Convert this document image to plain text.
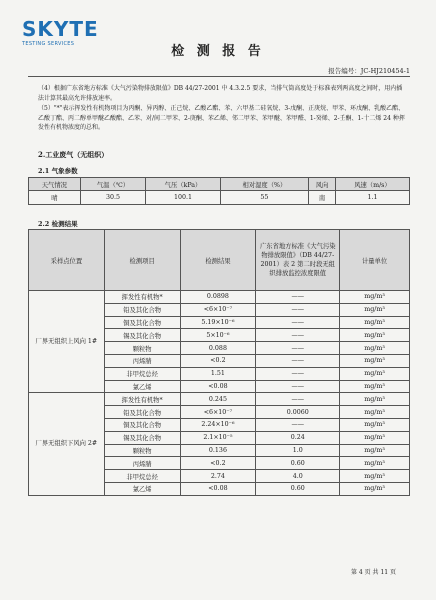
SKYTE
TESTING SERVICES	检 测 报 告
报告编号：JC-HJ210454-1

（4）根据广东省地方标准《大气污染物排放限值》DB 44/27-2001 中 4.3.2.5 要求，当排气筒高度处于标准表列两高度之间时，用内插法计算其最高允许排放速率。

（5）"*"表示挥发性有机物项目为丙酮、异丙醇、正己烷、乙酸乙酯、苯、六甲基二硅氧烷、3-戊酮、正庚烷、甲苯、环戊酮、乳酸乙酯、乙酸丁酯、丙二醇单甲醚乙酸酯、乙苯、对/间二甲苯、2-庚酮、苯乙烯、邻二甲苯、苯甲醚、苯甲醛、1-癸烯、2-壬酮、1-十二烯 24 种挥发性有机物浓度的总和。

2.工业废气（无组织）
2.1 气象参数
天气情况	气温（℃）	气压（kPa）	相对湿度（%）	风向	风速（m/s）
晴	30.5	100.1	55	南	1.1
2.2 检测结果
采样点位置	检测项目	检测结果	广东省地方标准《大气污染物排放限值》（DB 44/27-2001）表 2 第二时段无组织排放监控浓度限值	计量单位
厂界无组织上风向 1#	挥发性有机物*	0.0898	——	mg/m³
	铅及其化合物	<6×10⁻⁷	——	mg/m³
	铜及其化合物	5.19×10⁻⁶	——	mg/m³
	锡及其化合物	5×10⁻⁶	——	mg/m³
	颗粒物	0.088	——	mg/m³
	丙烯腈	<0.2	——	mg/m³
	非甲烷总烃	1.51	——	mg/m³
	氯乙烯	<0.08	——	mg/m³
厂界无组织下风向 2#	挥发性有机物*	0.245	——	mg/m³
	铅及其化合物	<6×10⁻⁷	0.0060	mg/m³
	铜及其化合物	2.24×10⁻⁶	——	mg/m³
	锡及其化合物	2.1×10⁻⁵	0.24	mg/m³
	颗粒物	0.136	1.0	mg/m³
	丙烯腈	<0.2	0.60	mg/m³
	非甲烷总烃	2.74	4.0	mg/m³
	氯乙烯	<0.08	0.60	mg/m³
第 4 页 共 11 页
